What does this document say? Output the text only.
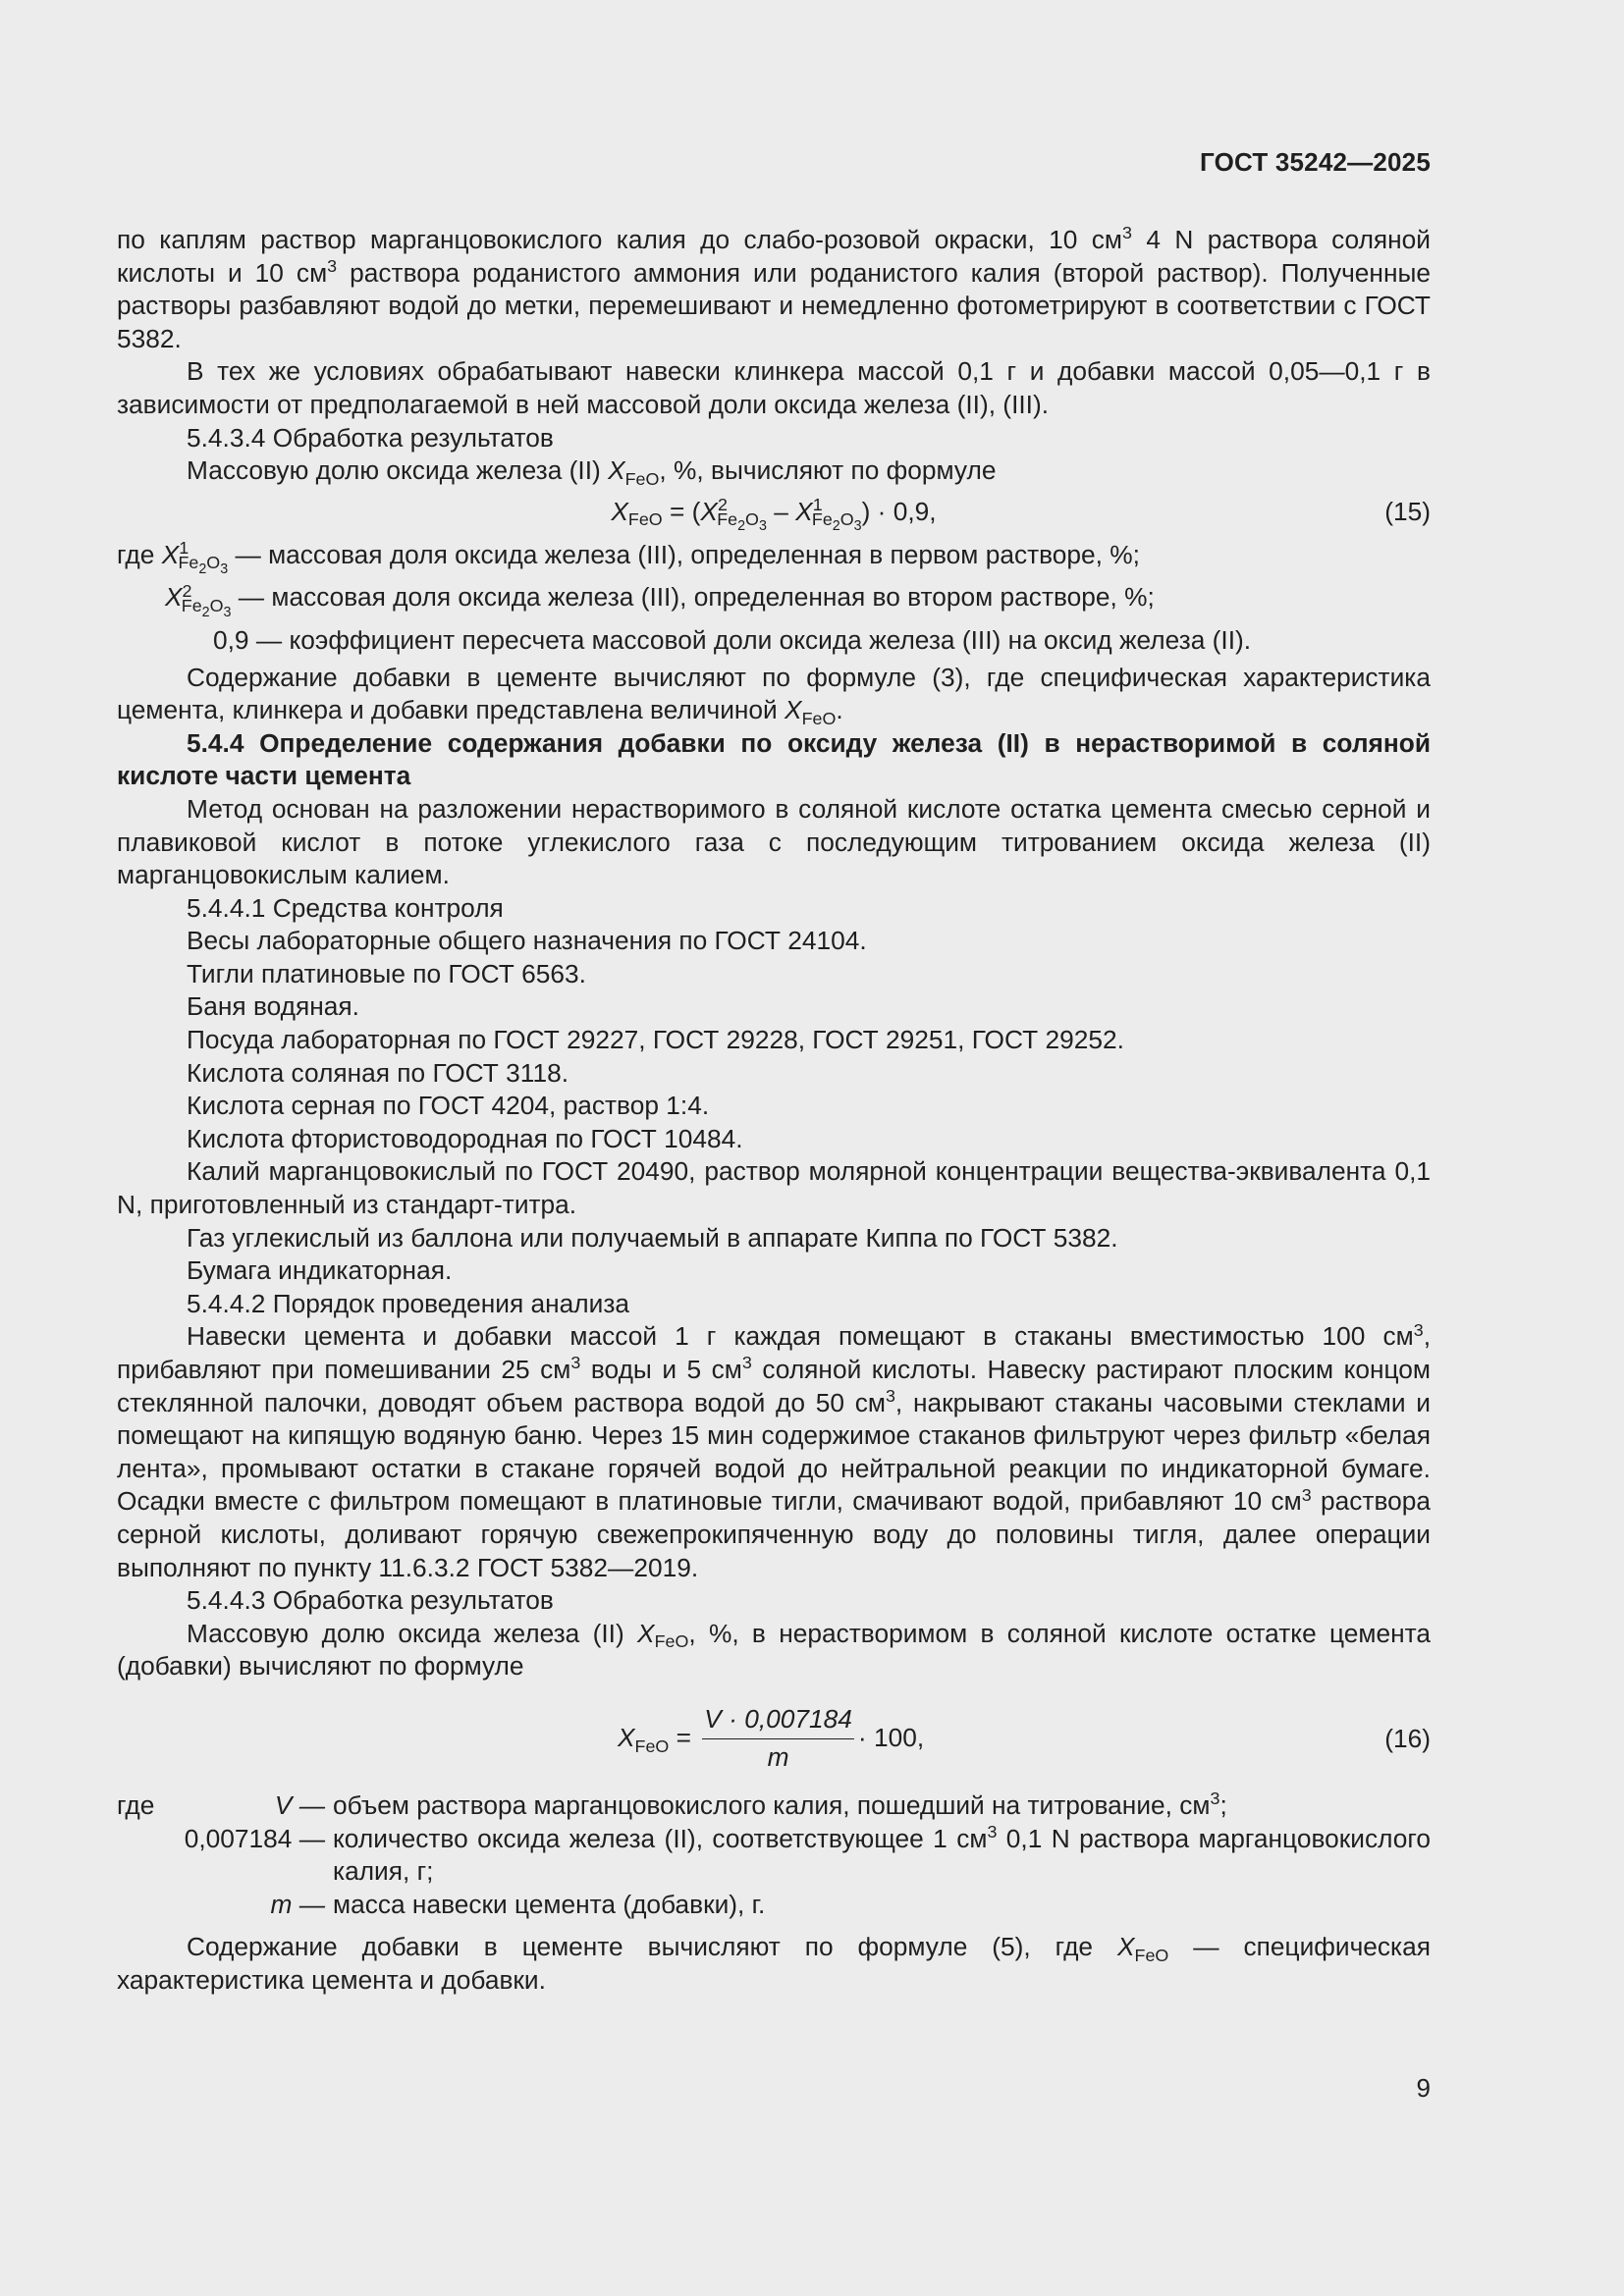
ГОСТ 35242—2025

по каплям раствор марганцовокислого калия до слабо-розовой окраски, 10 $см^3$ 4 N раствора соляной кислоты и 10 $см^3$ раствора роданистого аммония или роданистого калия (второй раствор). Полученные растворы разбавляют водой до метки, перемешивают и немедленно фотометрируют в соответствии с ГОСТ 5382.

В тех же условиях обрабатывают навески клинкера массой 0,1 г и добавки массой 0,05—0,1 г в зависимости от предполагаемой в ней массовой доли оксида железа (II), (III).

5.4.3.4 Обработка результатов

Массовую долю оксида железа (II) $X_{FeO}$, %, вычисляют по формуле

$X_{FeO} = (X^2_{Fe_2O_3} - X^1_{Fe_2O_3}) \cdot 0,9$,	(15)

где $X^1_{Fe_2O_3}$ — массовая доля оксида железа (III), определенная в первом растворе, %;

$X^2_{Fe_2O_3}$ — массовая доля оксида железа (III), определенная во втором растворе, %;

0,9 — коэффициент пересчета массовой доли оксида железа (III) на оксид железа (II).

Содержание добавки в цементе вычисляют по формуле (3), где специфическая характеристика цемента, клинкера и добавки представлена величиной $X_{FeO}$.

5.4.4 Определение содержания добавки по оксиду железа (II) в нерастворимой в соляной кислоте части цемента

Метод основан на разложении нерастворимого в соляной кислоте остатка цемента смесью серной и плавиковой кислот в потоке углекислого газа с последующим титрованием оксида железа (II) марганцовокислым калием.

5.4.4.1 Средства контроля

Весы лабораторные общего назначения по ГОСТ 24104.

Тигли платиновые по ГОСТ 6563.

Баня водяная.

Посуда лабораторная по ГОСТ 29227, ГОСТ 29228, ГОСТ 29251, ГОСТ 29252.

Кислота соляная по ГОСТ 3118.

Кислота серная по ГОСТ 4204, раствор 1:4.

Кислота фтористоводородная по ГОСТ 10484.

Калий марганцовокислый по ГОСТ 20490, раствор молярной концентрации вещества-эквивалента 0,1 N, приготовленный из стандарт-титра.

Газ углекислый из баллона или получаемый в аппарате Киппа по ГОСТ 5382.

Бумага индикаторная.

5.4.4.2 Порядок проведения анализа

Навески цемента и добавки массой 1 г каждая помещают в стаканы вместимостью 100 $см^3$, прибавляют при помешивании 25 $см^3$ воды и 5 $см^3$ соляной кислоты. Навеску растирают плоским концом стеклянной палочки, доводят объем раствора водой до 50 $см^3$, накрывают стаканы часовыми стеклами и помещают на кипящую водяную баню. Через 15 мин содержимое стаканов фильтруют через фильтр «белая лента», промывают остатки в стакане горячей водой до нейтральной реакции по индикаторной бумаге. Осадки вместе с фильтром помещают в платиновые тигли, смачивают водой, прибавляют 10 $см^3$ раствора серной кислоты, доливают горячую свежепрокипяченную воду до половины тигля, далее операции выполняют по пункту 11.6.3.2 ГОСТ 5382—2019.

5.4.4.3 Обработка результатов

Массовую долю оксида железа (II) $X_{FeO}$, %, в нерастворимом в соляной кислоте остатке цемента (добавки) вычисляют по формуле

$X_{FeO} = \frac{V \cdot 0,007184}{m} \cdot 100$,	(16)
где	V — объем раствора марганцовокислого калия, пошедший на титрование, $см^3$;
0,007184 — количество оксида железа (II), соответствующее 1 $см^3$ 0,1 N раствора марганцовокислого калия, г;
m — масса навески цемента (добавки), г.

Содержание добавки в цементе вычисляют по формуле (5), где $X_{FeO}$ — специфическая характеристика цемента и добавки.

9
